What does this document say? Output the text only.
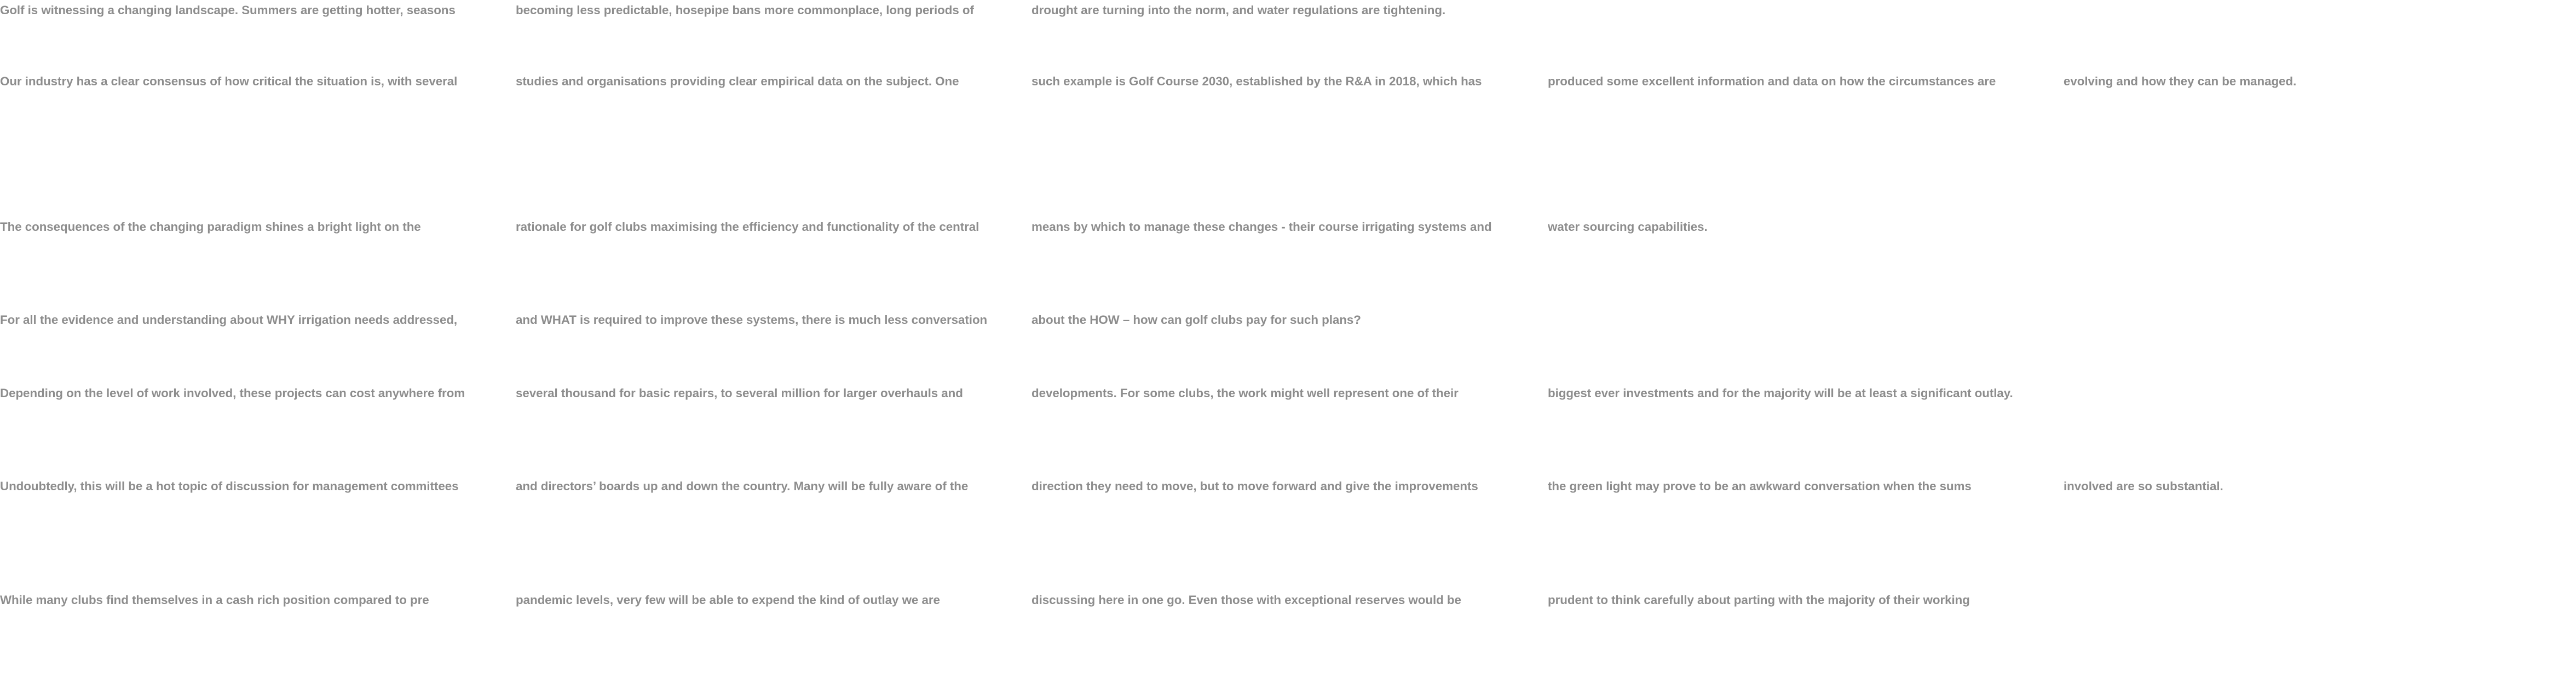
Golf is witnessing a changing landscape. Summers are getting hotter, seasons	becoming less predictable, hosepipe bans more commonplace, long periods of	drought are turning into the norm, and water regulations are tightening.

Our industry has a clear consensus of how critical the situation is, with several	studies and organisations providing clear empirical data on the subject. One	such example is Golf Course 2030, established by the R&A in 2018, which has	produced some excellent information and data on how the circumstances are	evolving and how they can be managed.

The consequences of the changing paradigm shines a bright light on the	rationale for golf clubs maximising the efficiency and functionality of the central	means by which to manage these changes - their course irrigating systems and	water sourcing capabilities.

For all the evidence and understanding about WHY irrigation needs addressed,	and WHAT is required to improve these systems, there is much less conversation	about the HOW – how can golf clubs pay for such plans?

Depending on the level of work involved, these projects can cost anywhere from	several thousand for basic repairs, to several million for larger overhauls and	developments. For some clubs, the work might well represent one of their	biggest ever investments and for the majority will be at least a significant outlay.

Undoubtedly, this will be a hot topic of discussion for management committees	and directors’ boards up and down the country. Many will be fully aware of the	direction they need to move, but to move forward and give the improvements	the green light may prove to be an awkward conversation when the sums	involved are so substantial.

While many clubs find themselves in a cash rich position compared to pre	pandemic levels, very few will be able to expend the kind of outlay we are	discussing here in one go. Even those with exceptional reserves would be	prudent to think carefully about parting with the majority of their working
